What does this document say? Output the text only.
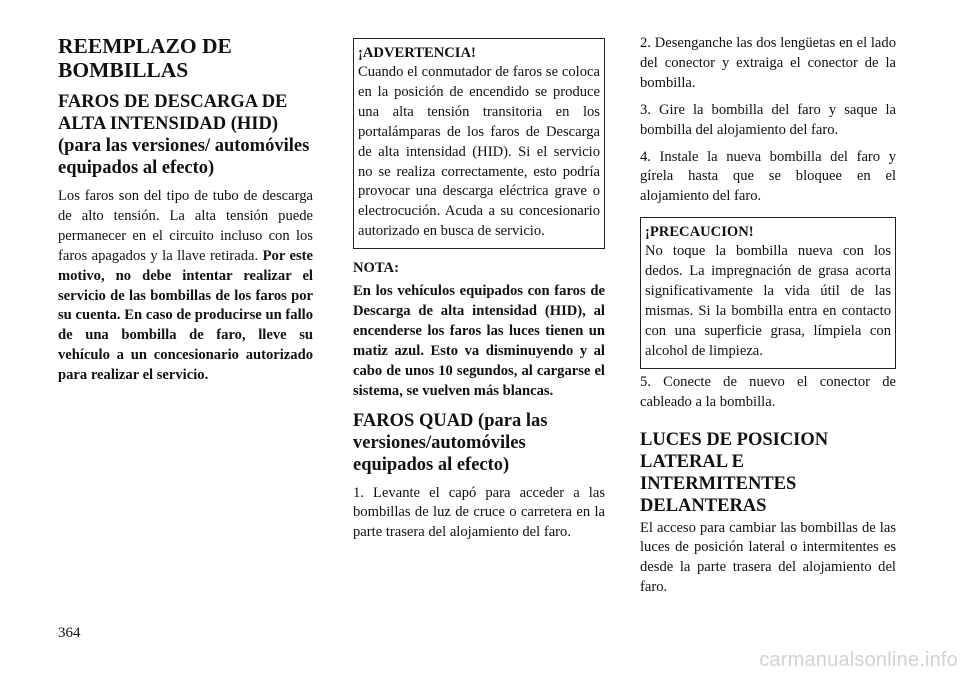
REEMPLAZO DE BOMBILLAS
FAROS DE DESCARGA DE ALTA INTENSIDAD (HID) (para las versiones/ automóviles equipados al efecto)
Los faros son del tipo de tubo de descarga de alto tensión. La alta tensión puede permanecer en el circuito incluso con los faros apagados y la llave retirada. Por este motivo, no debe intentar realizar el servicio de las bombillas de los faros por su cuenta. En caso de producirse un fallo de una bombilla de faro, lleve su vehículo a un concesionario autorizado para realizar el servicio.
¡ADVERTENCIA!
Cuando el conmutador de faros se coloca en la posición de encendido se produce una alta tensión transitoria en los portalámparas de los faros de Descarga de alta intensidad (HID). Si el servicio no se realiza correctamente, esto podría provocar una descarga eléctrica grave o electrocución. Acuda a su concesionario autorizado en busca de servicio.
NOTA:
En los vehículos equipados con faros de Descarga de alta intensidad (HID), al encenderse los faros las luces tienen un matiz azul. Esto va disminuyendo y al cabo de unos 10 segundos, al cargarse el sistema, se vuelven más blancas.
FAROS QUAD (para las versiones/automóviles equipados al efecto)
1. Levante el capó para acceder a las bombillas de luz de cruce o carretera en la parte trasera del alojamiento del faro.
2. Desenganche las dos lengüetas en el lado del conector y extraiga el conector de la bombilla.
3. Gire la bombilla del faro y saque la bombilla del alojamiento del faro.
4. Instale la nueva bombilla del faro y gírela hasta que se bloquee en el alojamiento del faro.
¡PRECAUCION!
No toque la bombilla nueva con los dedos. La impregnación de grasa acorta significativamente la vida útil de las mismas. Si la bombilla entra en contacto con una superficie grasa, límpiela con alcohol de limpieza.
5. Conecte de nuevo el conector de cableado a la bombilla.
LUCES DE POSICION LATERAL E INTERMITENTES DELANTERAS
El acceso para cambiar las bombillas de las luces de posición lateral o intermitentes es desde la parte trasera del alojamiento del faro.
364
carmanualsonline.info
